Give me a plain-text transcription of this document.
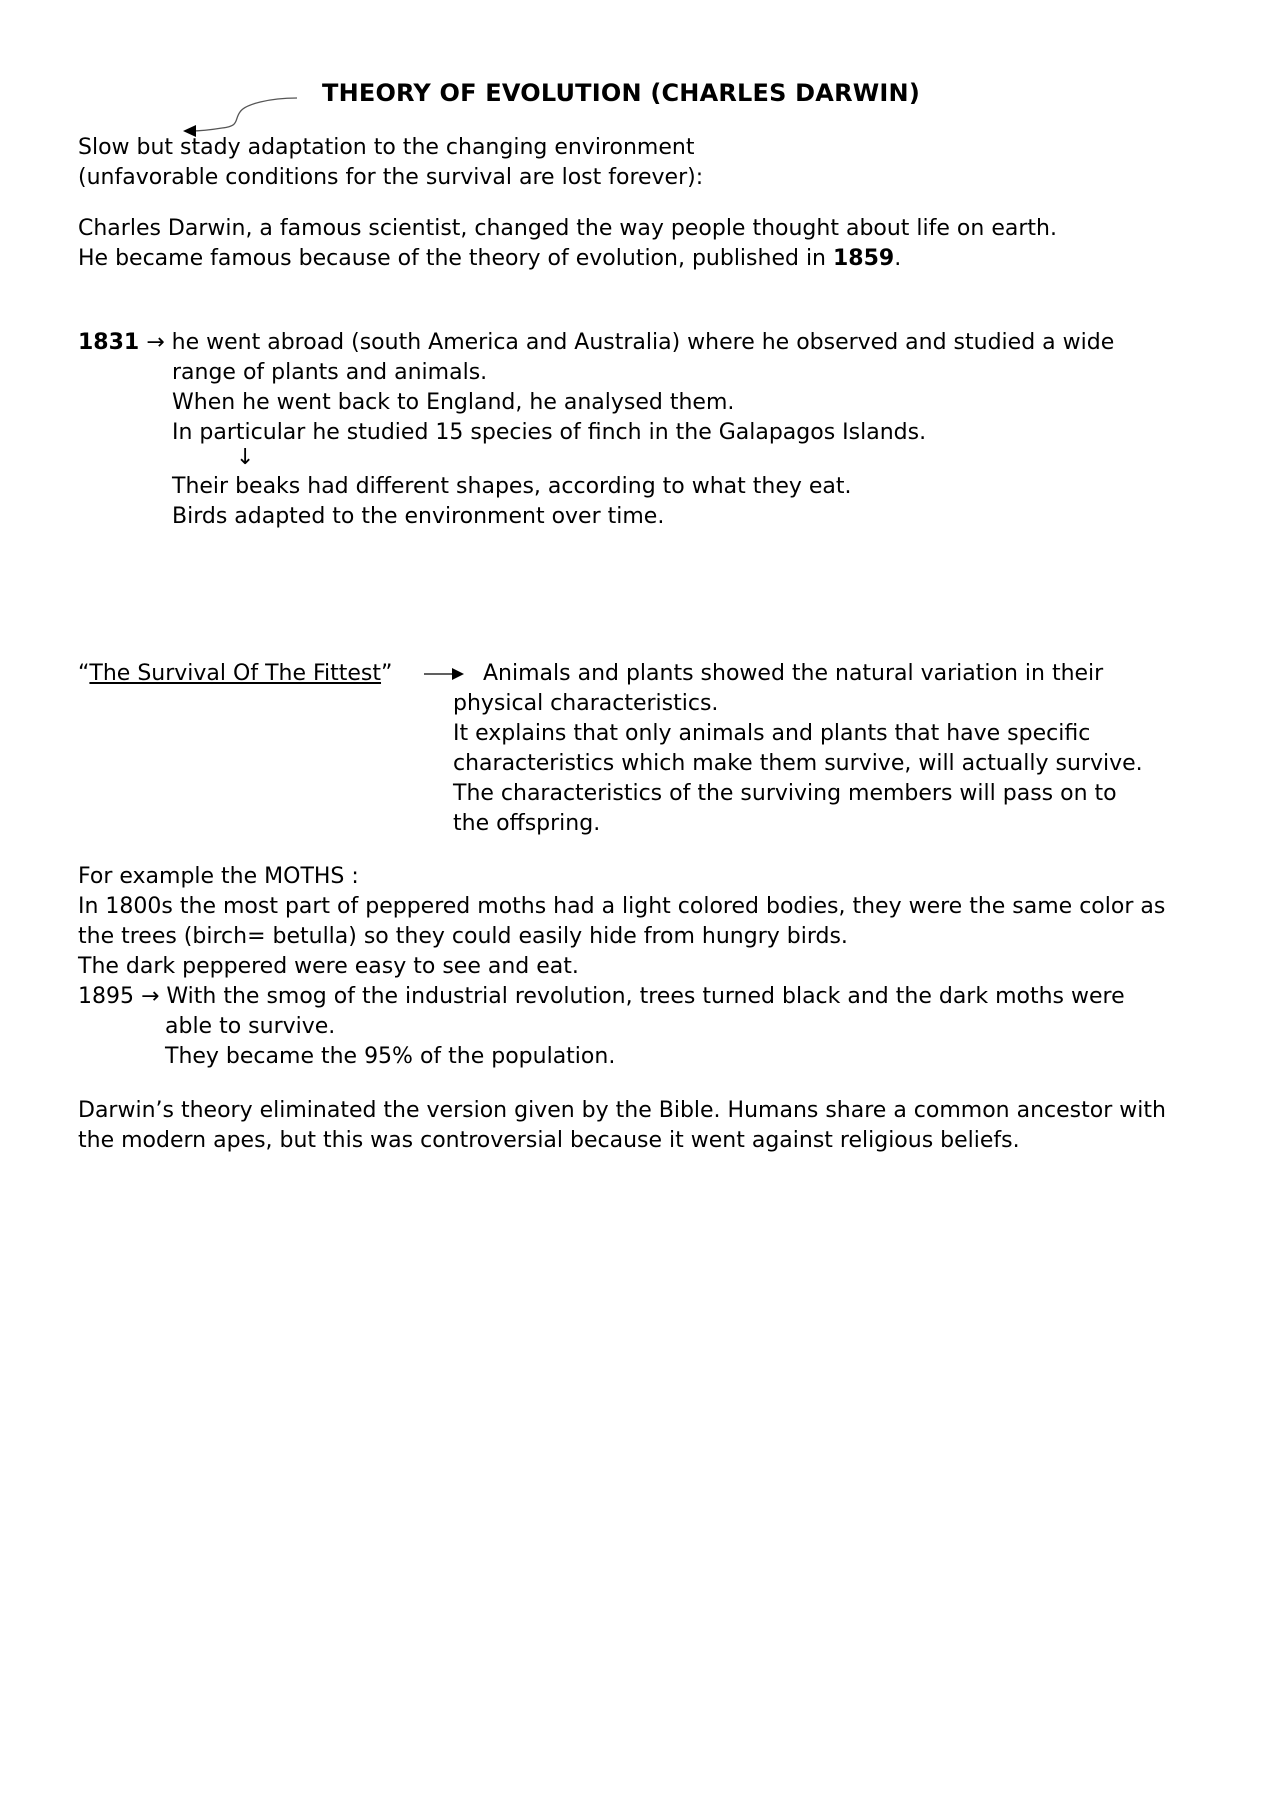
THEORY OF EVOLUTION (CHARLES DARWIN)
Slow but stady adaptation to the changing environment
(unfavorable conditions for the survival are lost forever):
Charles Darwin, a famous scientist, changed the way people thought about life on earth.
He became famous because of the theory of evolution, published in 1859.
1831 → he went abroad (south America and Australia) where he observed and studied a wide
range of plants and animals.
When he went back to England, he analysed them.
In particular he studied 15 species of finch in the Galapagos Islands.
↓
Their beaks had different shapes, according to what they eat.
Birds adapted to the environment over time.
“The Survival Of The Fittest”	Animals and plants showed the natural variation in their
physical characteristics.
It explains that only animals and plants that have specific
characteristics which make them survive, will actually survive.
The characteristics of the surviving members will pass on to
the offspring.
For example the MOTHS :
In 1800s the most part of peppered moths had a light colored bodies, they were the same color as
the trees (birch= betulla) so they could easily hide from hungry birds.
The dark peppered were easy to see and eat.
1895 → With the smog of the industrial revolution, trees turned black and the dark moths were
able to survive.
They became the 95% of the population.
Darwin’s theory eliminated the version given by the Bible. Humans share a common ancestor with
the modern apes, but this was controversial because it went against religious beliefs.
